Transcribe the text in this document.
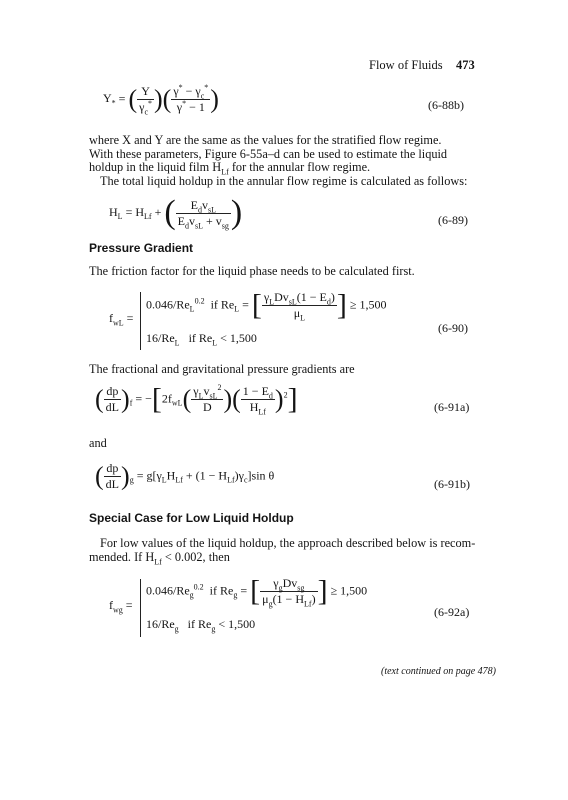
Flow of Fluids 473
$Y_*$ = ( $\frac{Y}{\gamma_c^*}$ )( $\frac{\gamma^* - \gamma_c^*}{\gamma^* - 1}$ )	(6-88b)
where X and Y are the same as the values for the stratified flow regime.
With these parameters, Figure 6-55a–d can be used to estimate the liquid
holdup in the liquid film $H_{Lf}$ for the annular flow regime.
The total liquid holdup in the annular flow regime is calculated as follows:
$H_L = H_{Lf}$ + ( $\frac{E_dv_{sL}}{E_dv_{sL} + v_{sg}}$ )	(6-89)
Pressure Gradient
The friction factor for the liquid phase needs to be calculated first.
$f_{wL}$ =
$0.046/Re_L^{0.2}$  if $Re_L$ = [ $\frac{\gamma_LDv_{sL}(1 - E_d)}{\mu_L}$ ] ≥ 1,500
$16/Re_L$   if $Re_L < 1,500$
(6-90)
The fractional and gravitational pressure gradients are
( $\frac{dp}{dL} )_f = -[2f_{wL}( \frac{\gamma_Lv_{sL}^2}{D}$ )( $\frac{1 - E_d}{H_{Lf}} )^2$]	(6-91a)
and
( $\frac{dp}{dL} )_g = g[\gamma_LH_{Lf} + (1 - H_{Lf})\gamma_c]\sin$ θ
(6-91b)
Special Case for Low Liquid Holdup
For low values of the liquid holdup, the approach described below is recom-
mended. If $H_{Lf} < 0.002$, then
$f_{wg}$ =
$0.046/Re_g^{0.2}$  if $Re_g$ = [ $\frac{\gamma_gDv_{sg}}{\mu_g(1 - H_{Lf})}$ ] ≥ 1,500
$16/Re_g$   if $Re_g < 1,500$
(6-92a)
(text continued on page 478)
